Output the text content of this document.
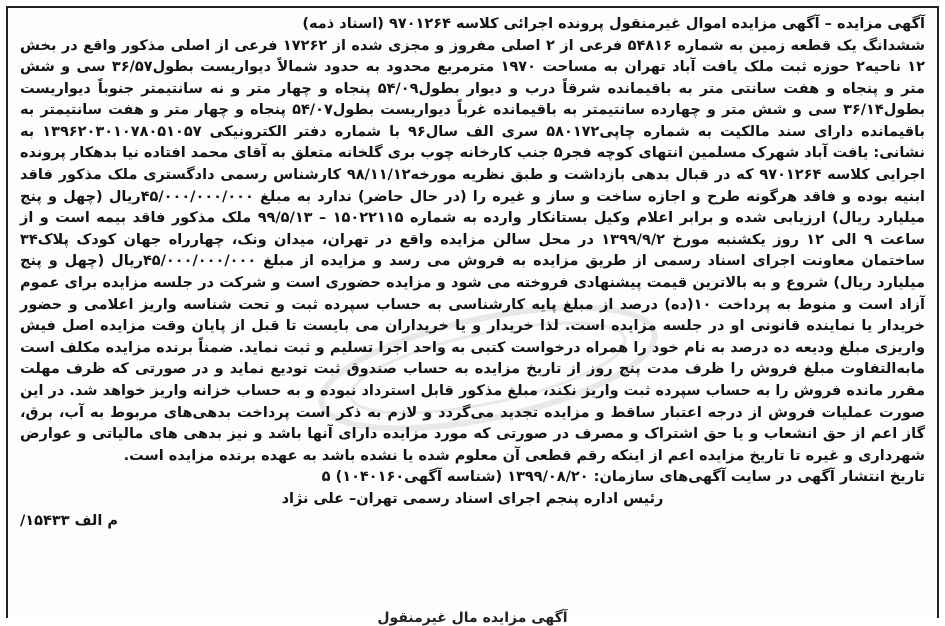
آگهی مزایده – آگهی مزایده اموال غیرمنقول پرونده اجرائی کلاسه ۹۷۰۱۲۶۴ (اسناد ذمه)

ششدانگ یک قطعه زمین به شماره ۵۴۸۱۶ فرعی از ۲ اصلی مفروز و مجزی شده از ۱۷۲۶۲ فرعی از اصلی مذکور واقع در بخش ۱۲ ناحیه۲ حوزه ثبت ملک یافت آباد تهران به مساحت ۱۹۷۰ مترمربع محدود به حدود شمالاً دیواریست بطول۳۶/۵۷ سی و شش متر و پنجاه و هفت سانتی متر به باقیمانده شرقاً درب و دیوار بطول۵۴/۰۹ پنجاه و چهار متر و نه سانتیمتر جنوباً دیواریست بطول۳۶/۱۴ سی و شش متر و چهارده سانتیمتر به باقیمانده غرباً دیواریست بطول۵۴/۰۷ پنجاه و چهار متر و هفت سانتیمتر به باقیمانده دارای سند مالکیت به شماره چاپی۵۸۰۱۷۲ سری الف سال۹۶ با شماره دفتر الکترونیکی ۱۳۹۶۲۰۳۰۱۰۷۸۰۵۱۰۵۷ به نشانی: یافت آباد شهرک مسلمین انتهای کوچه فجر۵ جنب کارخانه چوب بری گلخانه متعلق به آقای محمد افتاده نیا بدهکار پرونده اجرایی کلاسه ۹۷۰۱۲۶۴ که در قبال بدهی بازداشت و طبق نظریه مورخه۹۸/۱۱/۱۲ کارشناس رسمی دادگستری ملک مذکور فاقد ابنیه بوده و فاقد هرگونه طرح و اجازه ساخت و ساز و غیره را (در حال حاضر) ندارد به مبلغ ۴۵/۰۰۰/۰۰۰/۰۰۰ریال (چهل و پنج میلیارد ریال) ارزیابی شده و برابر اعلام وکیل بستانکار وارده به شماره ۱۵۰۲۲۱۱۵ – ۹۹/۵/۱۳ ملک مذکور فاقد بیمه است و از ساعت ۹ الی ۱۲ روز یکشنبه مورخ ۱۳۹۹/۹/۲ در محل سالن مزایده واقع در تهران، میدان ونک، چهارراه جهان کودک پلاک۳۴ ساختمان معاونت اجرای اسناد رسمی از طریق مزایده به فروش می رسد و مزایده از مبلغ ۴۵/۰۰۰/۰۰۰/۰۰۰ریال (چهل و پنج میلیارد ریال) شروع و به بالاترین قیمت پیشنهادی فروخته می شود و مزایده حضوری است و شرکت در جلسه مزایده برای عموم آزاد است و منوط به پرداخت ۱۰(ده) درصد از مبلغ پایه کارشناسی به حساب سپرده ثبت و تحت شناسه واریز اعلامی و حضور خریدار یا نماینده قانونی او در جلسه مزایده است. لذا خریدار و یا خریداران می بایست تا قبل از پایان وقت مزایده اصل فیش واریزی مبلغ ودیعه ده درصد به نام خود را همراه درخواست کتبی به واحد اجرا تسلیم و ثبت نماید. ضمناً برنده مزایده مکلف است مابه‌التفاوت مبلغ فروش را ظرف مدت پنج روز از تاریخ مزایده به حساب صندوق ثبت تودیع نماید و در صورتی که ظرف مهلت مقرر مانده فروش را به حساب سپرده ثبت واریز نکند، مبلغ مذکور قابل استرداد نبوده و به حساب خزانه واریز خواهد شد. در این صورت عملیات فروش از درجه اعتبار ساقط و مزایده تجدید می‌گردد و لازم به ذکر است پرداخت بدهی‌های مربوط به آب، برق، گاز اعم از حق انشعاب و یا حق اشتراک و مصرف در صورتی که مورد مزایده دارای آنها باشد و نیز بدهی های مالیاتی و عوارض شهرداری و غیره تا تاریخ مزایده اعم از اینکه رقم قطعی آن معلوم شده یا نشده باشد به عهده برنده مزایده است.

تاریخ انتشار آگهی در سایت آگهی‌های سازمان: ۱۳۹۹/۰۸/۲۰ (شناسه آگهی۱۰۴۰۱۶۰) ۵

رئیس اداره پنجم اجرای اسناد رسمی تهران– علی نژاد

م الف ۱۵۴۳۳/

آگهی مزایده مال غیرمنقول
